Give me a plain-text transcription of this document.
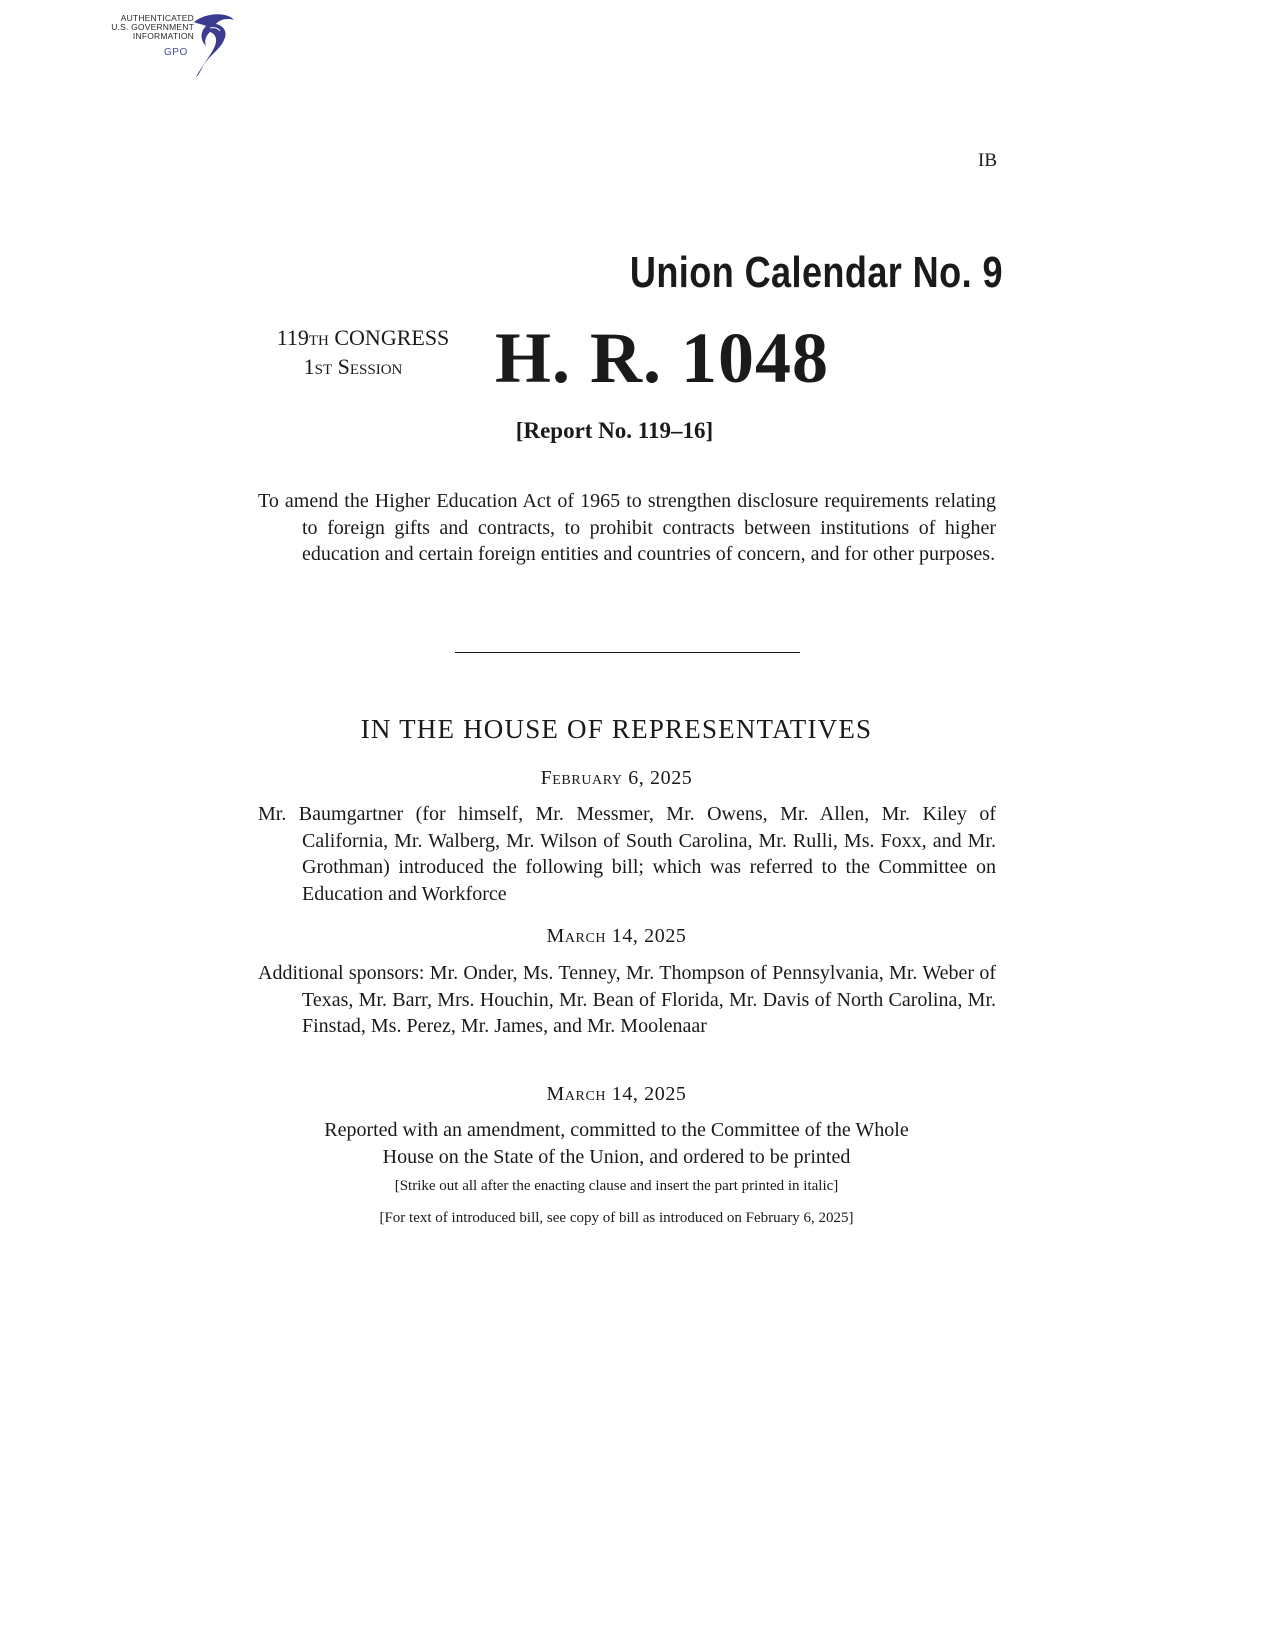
AUTHENTICATED
U.S. GOVERNMENT
INFORMATION
GPO
IB
Union Calendar No. 9
119TH CONGRESS
1ST Session	H. R. 1048
[Report No. 119–16]
To amend the Higher Education Act of 1965 to strengthen disclosure requirements relating to foreign gifts and contracts, to prohibit contracts between institutions of higher education and certain foreign entities and countries of concern, and for other purposes.
IN THE HOUSE OF REPRESENTATIVES
February 6, 2025
Mr. Baumgartner (for himself, Mr. Messmer, Mr. Owens, Mr. Allen, Mr. Kiley of California, Mr. Walberg, Mr. Wilson of South Carolina, Mr. Rulli, Ms. Foxx, and Mr. Grothman) introduced the following bill; which was referred to the Committee on Education and Workforce
March 14, 2025
Additional sponsors: Mr. Onder, Ms. Tenney, Mr. Thompson of Pennsylvania, Mr. Weber of Texas, Mr. Barr, Mrs. Houchin, Mr. Bean of Florida, Mr. Davis of North Carolina, Mr. Finstad, Ms. Perez, Mr. James, and Mr. Moolenaar
March 14, 2025
Reported with an amendment, committed to the Committee of the Whole
House on the State of the Union, and ordered to be printed
[Strike out all after the enacting clause and insert the part printed in italic]
[For text of introduced bill, see copy of bill as introduced on February 6, 2025]
